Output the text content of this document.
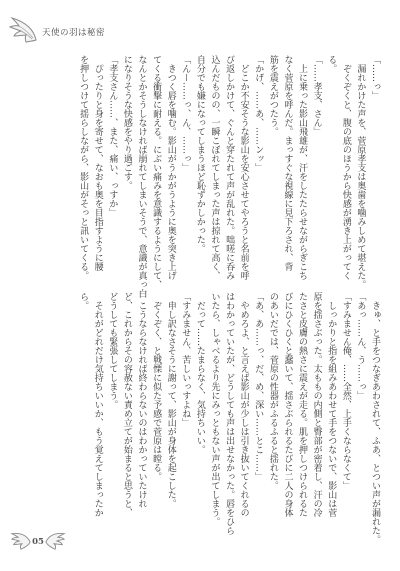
天使の羽は秘密
「……っ」
漏れかけた声を、菅原孝支は奥歯を噛みしめて堪えた。
ぞくぞくと、腹の底のほうから快感が湧き上がってく
る。
「……孝支、さん」
上に乗った影山飛雄が、汗をしたたらせながらぎこち
なく菅原を呼んだ。まっすぐな視線に見下ろされ、背
筋を震えがつたう。
「かげ、……あ、……ンッ」
どこか不安そうな影山を安心させてやろうと名前を呼
び返しかけて、ぐんと穿たれて声が乱れた。咄嗟に呑み
込んだものの、一瞬こぼれてしまった声は掠れて高く、
自分でも嫌になってしまうほど恥ずかしかった。
「んー……っ、ん、……っ」
きつく唇を噛む。影山がうかがうように奥を突き上げ
てくる衝撃に耐える。にぶい痛みを意識するようにして、
なんとかそうしなければ崩れてしまいそうで、意識が真っ白
になりそうな快感をやり過ごす。
「孝支さん……、また、痛い、っすか」
ぴったりと身を寄せて、なおも奥を目指すように腰
を押しつけて揺らしながら、影山がそっと訊いてくる。
きゅ、と手をつなぎあわされて、ふあ、とつい声が漏れた。
「あっ……ん、う……っ」
「すみません俺、……全然、上手くならなくて」
しっかりと指を組みあわせて手をつないで、影山は菅
原を揺さぶった。太ももの内側と臀部が密着し、汗の冷
たさと皮膚の熱さに震えが走る。肌を押しつけられるた
びにひくひくと蠢いて、揺さぶられるたびに二人の身体
のあいだでは、菅原の性器がふるふると揺れた。
「あ、あ……っ、だ、め、深い……とこ……」
やめろよ、と言えば影山が少しは引き抜いてくれるの
はわかっていたが、どうしても声は出せなかった。唇をひら
いたら、しゃべるより先にみっともない声が出てしまう。
だって……たまらなく、気持ちいい。
「すみません、苦しいっすよね」
申し訳なさそうに謝って、影山が身体を起こした。
ぞくぞく、と戦慄に似た予感で菅原は瞠る。
こうならなければ終わらないのはわかっていたけれ
ど、これからその容赦ない責め立てが始まると思うと、
どうしても緊張してしまう。
それがどれだけ気持ちいいか、もう覚えてしまったか
ら。
05
